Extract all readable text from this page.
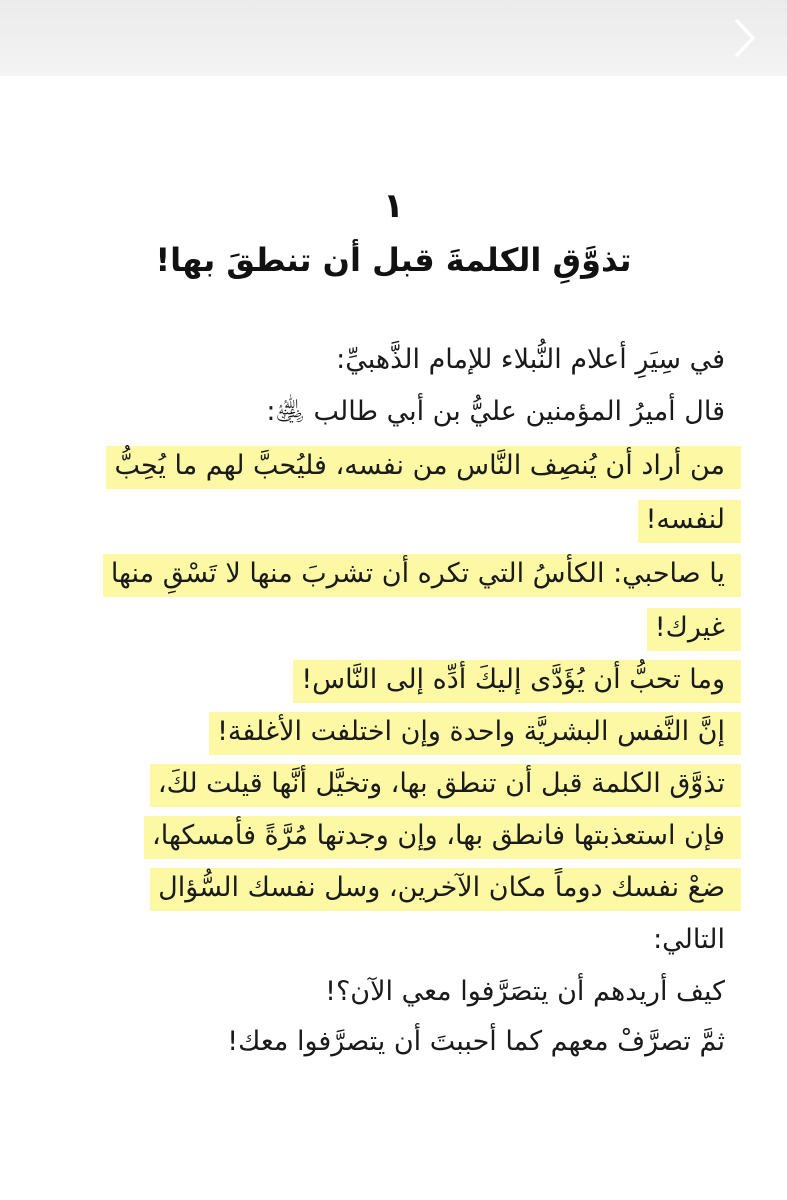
١
تذوَّقِ الكلمةَ قبل أن تنطقَ بها!
في سِيَرِ أعلام النُّبلاء للإمام الذَّهبيِّ:
قال أميرُ المؤمنين عليُّ بن أبي طالب ﵁:
من أراد أن يُنصِف النَّاس من نفسه، فليُحبَّ لهم ما يُحِبُّ
لنفسه!
يا صاحبي: الكأسُ التي تكره أن تشربَ منها لا تَسْقِ منها
غيرك!
وما تحبُّ أن يُؤَدَّى إليكَ أدِّه إلى النَّاس!
إنَّ النَّفس البشريَّة واحدة وإن اختلفت الأغلفة!
تذوَّق الكلمة قبل أن تنطق بها، وتخيَّل أنَّها قيلت لكَ،
فإن استعذبتها فانطق بها، وإن وجدتها مُرَّةً فأمسكها،
ضعْ نفسك دوماً مكان الآخرين، وسل نفسك السُّؤال
التالي:
كيف أريدهم أن يتصَرَّفوا معي الآن؟!
ثمَّ تصرَّفْ معهم كما أحببتَ أن يتصرَّفوا معك!
